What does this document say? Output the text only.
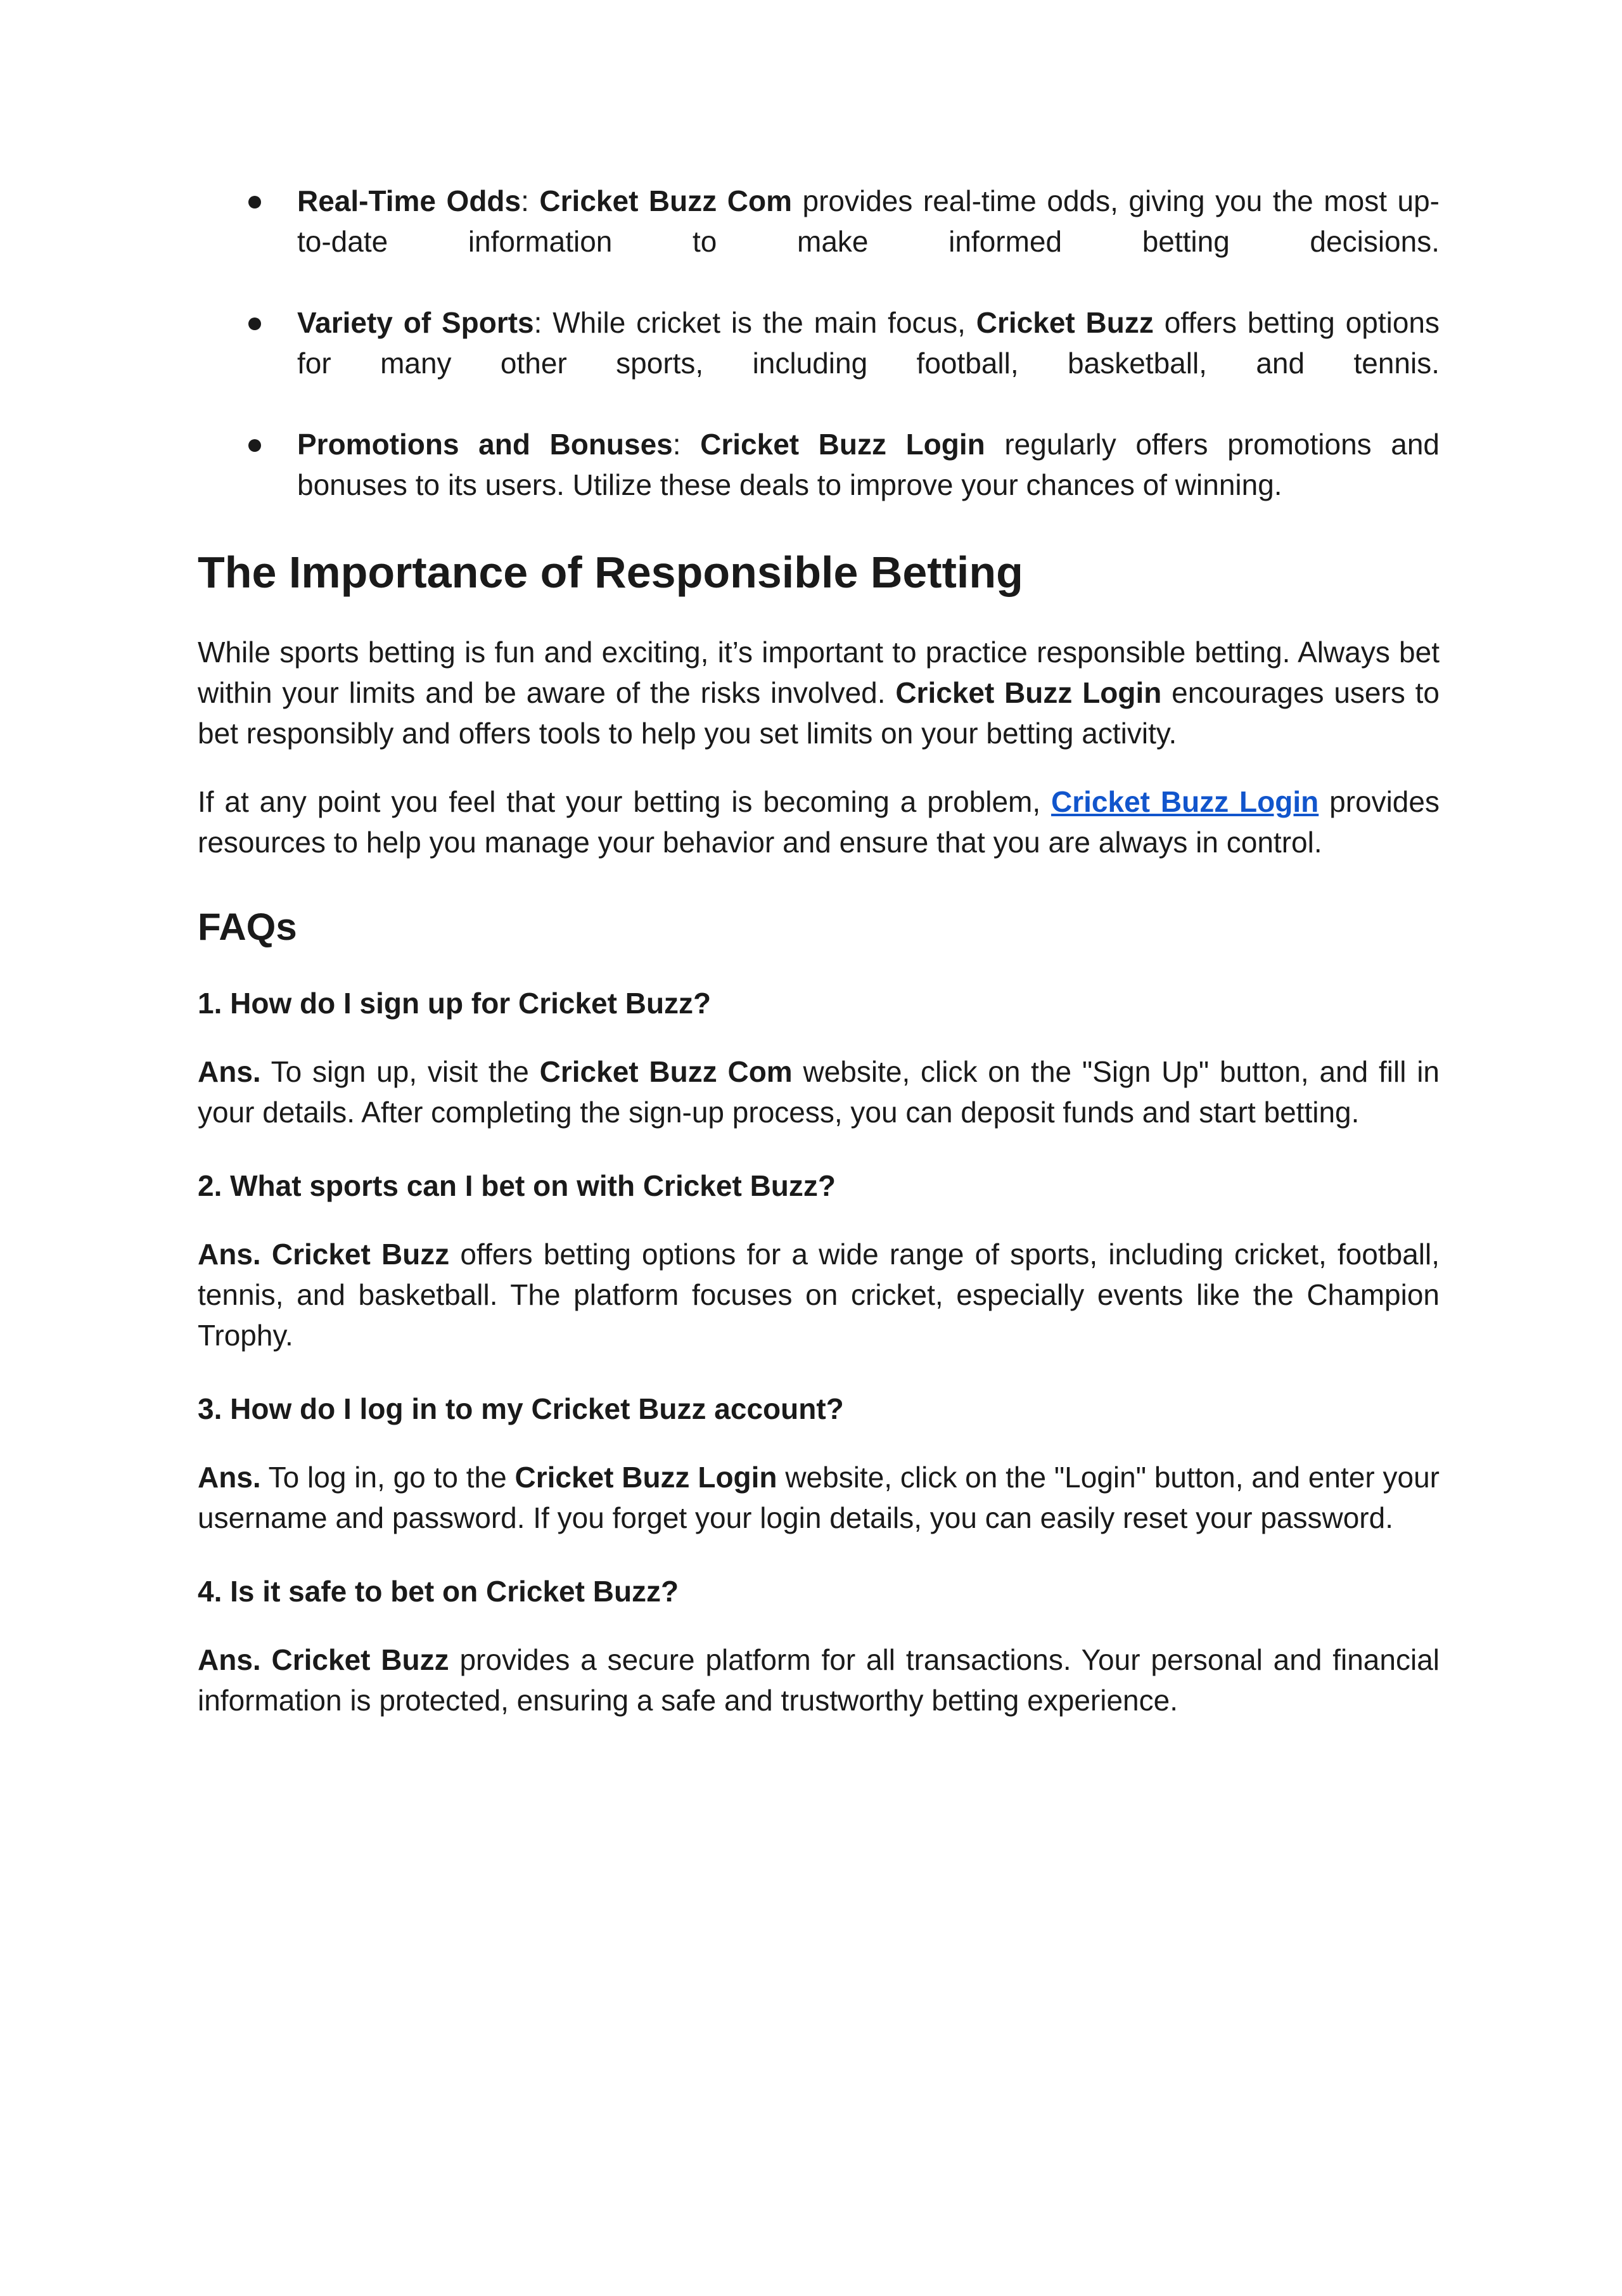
Real-Time Odds: Cricket Buzz Com provides real-time odds, giving you the most up-to-date information to make informed betting decisions.
Variety of Sports: While cricket is the main focus, Cricket Buzz offers betting options for many other sports, including football, basketball, and tennis.
Promotions and Bonuses: Cricket Buzz Login regularly offers promotions and bonuses to its users. Utilize these deals to improve your chances of winning.
The Importance of Responsible Betting

While sports betting is fun and exciting, it’s important to practice responsible betting. Always bet within your limits and be aware of the risks involved. Cricket Buzz Login encourages users to bet responsibly and offers tools to help you set limits on your betting activity.

If at any point you feel that your betting is becoming a problem, Cricket Buzz Login provides resources to help you manage your behavior and ensure that you are always in control.

FAQs
1. How do I sign up for Cricket Buzz?

Ans. To sign up, visit the Cricket Buzz Com website, click on the "Sign Up" button, and fill in your details. After completing the sign-up process, you can deposit funds and start betting.

2. What sports can I bet on with Cricket Buzz?

Ans. Cricket Buzz offers betting options for a wide range of sports, including cricket, football, tennis, and basketball. The platform focuses on cricket, especially events like the Champion Trophy.

3. How do I log in to my Cricket Buzz account?

Ans. To log in, go to the Cricket Buzz Login website, click on the "Login" button, and enter your username and password. If you forget your login details, you can easily reset your password.

4. Is it safe to bet on Cricket Buzz?

Ans. Cricket Buzz provides a secure platform for all transactions. Your personal and financial information is protected, ensuring a safe and trustworthy betting experience.
